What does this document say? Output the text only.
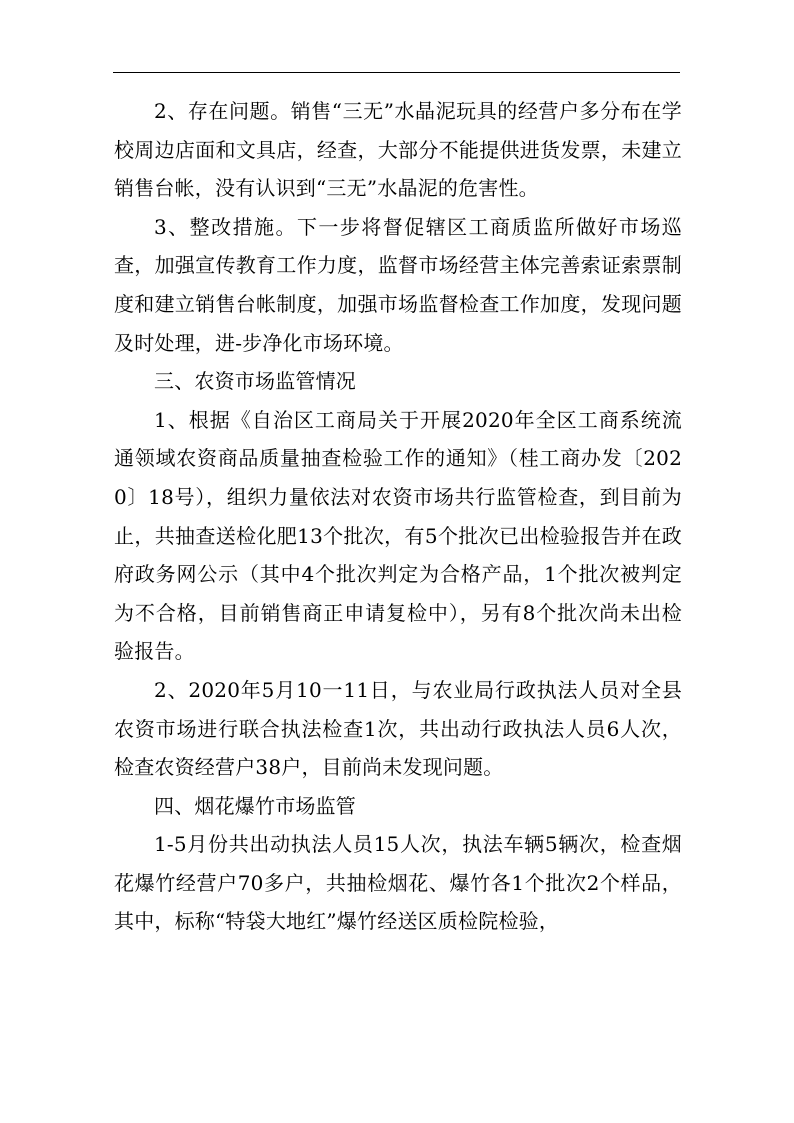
2、存在问题。销售“三无”水晶泥玩具的经营户多分布在学校周边店面和文具店，经查，大部分不能提供进货发票，未建立销售台帐，没有认识到“三无”水晶泥的危害性。

3、整改措施。下一步将督促辖区工商质监所做好市场巡查，加强宣传教育工作力度，监督市场经营主体完善索证索票制度和建立销售台帐制度，加强市场监督检查工作加度，发现问题及时处理，进-步净化市场环境。

三、农资市场监管情况

1、根据《自治区工商局关于开展2020年全区工商系统流通领域农资商品质量抽查检验工作的通知》（桂工商办发〔2020〕18号），组织力量依法对农资市场共行监管检查，到目前为止，共抽查送检化肥13个批次，有5个批次已出检验报告并在政府政务网公示（其中4个批次判定为合格产品，1个批次被判定为不合格，目前销售商正申请复检中），另有8个批次尚未出检验报告。

2、2020年5月10一11日，与农业局行政执法人员对全县农资市场进行联合执法检查1次，共出动行政执法人员6人次，检查农资经营户38户，目前尚未发现问题。

四、烟花爆竹市场监管

1-5月份共出动执法人员15人次，执法车辆5辆次，检查烟花爆竹经营户70多户，共抽检烟花、爆竹各1个批次2个样品，其中，标称“特袋大地红”爆竹经送区质检院检验，
